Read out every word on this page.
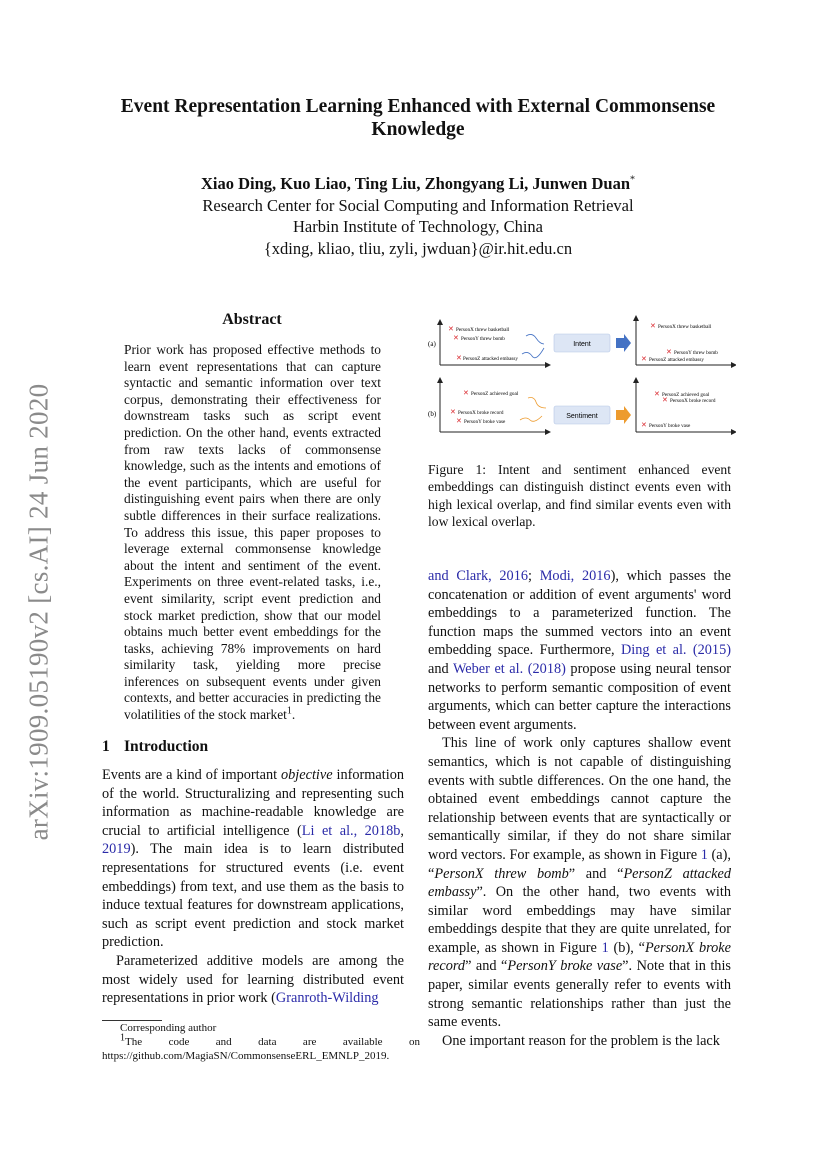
arXiv:1909.05190v2 [cs.AI] 24 Jun 2020
Event Representation Learning Enhanced with External Commonsense Knowledge
Xiao Ding, Kuo Liao, Ting Liu, Zhongyang Li, Junwen Duan*
Research Center for Social Computing and Information Retrieval
Harbin Institute of Technology, China
{xding, kliao, tliu, zyli, jwduan}@ir.hit.edu.cn
Abstract
Prior work has proposed effective methods to learn event representations that can capture syntactic and semantic information over text corpus, demonstrating their effectiveness for downstream tasks such as script event prediction. On the other hand, events extracted from raw texts lacks of commonsense knowledge, such as the intents and emotions of the event participants, which are useful for distinguishing event pairs when there are only subtle differences in their surface realizations. To address this issue, this paper proposes to leverage external commonsense knowledge about the intent and sentiment of the event. Experiments on three event-related tasks, i.e., event similarity, script event prediction and stock market prediction, show that our model obtains much better event embeddings for the tasks, achieving 78% improvements on hard similarity task, yielding more precise inferences on subsequent events under given contexts, and better accuracies in predicting the volatilities of the stock market$^1$.
1 Introduction

Events are a kind of important objective information of the world. Structuralizing and representing such information as machine-readable knowledge are crucial to artificial intelligence (Li et al., 2018b, 2019). The main idea is to learn distributed representations for structured events (i.e. event embeddings) from text, and use them as the basis to induce textual features for downstream applications, such as script event prediction and stock market prediction.

Parameterized additive models are among the most widely used for learning distributed event representations in prior work (Granroth-Wilding

Corresponding author
$^1$The code and data are available on
https://github.com/MagiaSN/CommonsenseERL_EMNLP_2019.
(a)
✕ PersonX threw basketball
✕ PersonY threw bomb
✕ PersonZ attacked embassy
Intent
✕ PersonX threw basketball
✕ PersonY threw bomb
✕ PersonZ attacked embassy
(b)
✕ PersonZ achieved goal
✕ PersonX broke record
✕ PersonY broke vase
Sentiment
✕ PersonZ achieved goal
✕ PersonX broke record
✕ PersonY broke vase
Figure 1: Intent and sentiment enhanced event embeddings can distinguish distinct events even with high lexical overlap, and find similar events even with low lexical overlap.

and Clark, 2016; Modi, 2016), which passes the concatenation or addition of event arguments' word embeddings to a parameterized function. The function maps the summed vectors into an event embedding space. Furthermore, Ding et al. (2015) and Weber et al. (2018) propose using neural tensor networks to perform semantic composition of event arguments, which can better capture the interactions between event arguments.

This line of work only captures shallow event semantics, which is not capable of distinguishing events with subtle differences. On the one hand, the obtained event embeddings cannot capture the relationship between events that are syntactically or semantically similar, if they do not share similar word vectors. For example, as shown in Figure 1 (a), “PersonX threw bomb” and “PersonZ attacked embassy”. On the other hand, two events with similar word embeddings may have similar embeddings despite that they are quite unrelated, for example, as shown in Figure 1 (b), “PersonX broke record” and “PersonY broke vase”. Note that in this paper, similar events generally refer to events with strong semantic relationships rather than just the same events.

One important reason for the problem is the lack
